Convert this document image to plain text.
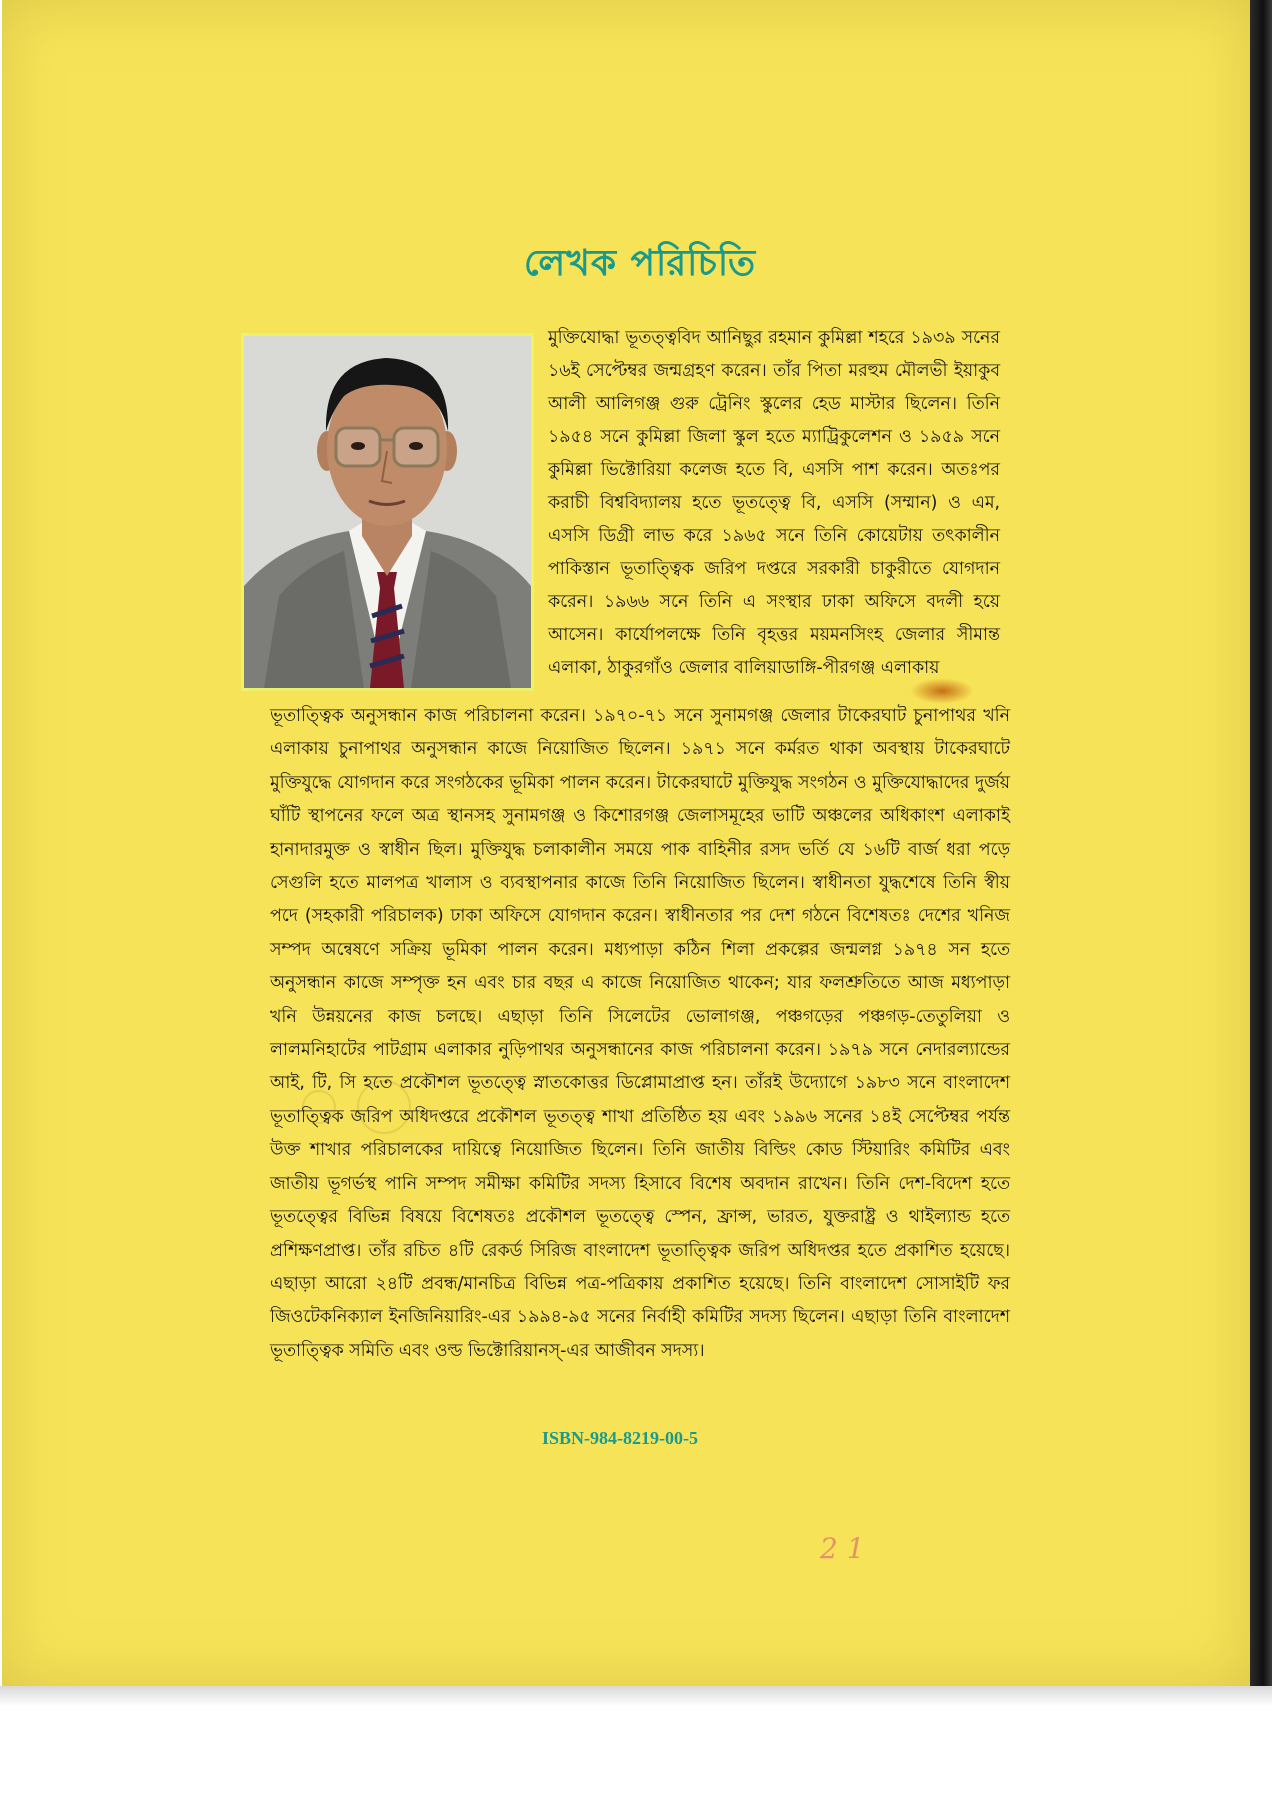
লেখক পরিচিতি
মুক্তিযোদ্ধা ভূতত্ত্ববিদ আনিছুর রহমান কুমিল্লা শহরে ১৯৩৯ সনের ১৬ই সেপ্টেম্বর জন্মগ্রহণ করেন। তাঁর পিতা মরহুম মৌলভী ইয়াকুব আলী আলিগঞ্জ গুরু ট্রেনিং স্কুলের হেড মাস্টার ছিলেন। তিনি ১৯৫৪ সনে কুমিল্লা জিলা স্কুল হতে ম্যাট্রিকুলেশন ও ১৯৫৯ সনে কুমিল্লা ভিক্টোরিয়া কলেজ হতে বি, এসসি পাশ করেন। অতঃপর করাচী বিশ্ববিদ্যালয় হতে ভূতত্ত্বে বি, এসসি (সম্মান) ও এম, এসসি ডিগ্রী লাভ করে ১৯৬৫ সনে তিনি কোয়েটায় তৎকালীন পাকিস্তান ভূতাত্ত্বিক জরিপ দপ্তরে সরকারী চাকুরীতে যোগদান করেন। ১৯৬৬ সনে তিনি এ সংস্থার ঢাকা অফিসে বদলী হয়ে আসেন। কার্যোপলক্ষে তিনি বৃহত্তর ময়মনসিংহ জেলার সীমান্ত এলাকা, ঠাকুরগাঁও জেলার বালিয়াডাঙ্গি-পীরগঞ্জ এলাকায়
ভূতাত্ত্বিক অনুসন্ধান কাজ পরিচালনা করেন। ১৯৭০-৭১ সনে সুনামগঞ্জ জেলার টাকেরঘাট চুনাপাথর খনি এলাকায় চুনাপাথর অনুসন্ধান কাজে নিয়োজিত ছিলেন। ১৯৭১ সনে কর্মরত থাকা অবস্থায় টাকেরঘাটে মুক্তিযুদ্ধে যোগদান করে সংগঠকের ভূমিকা পালন করেন। টাকেরঘাটে মুক্তিযুদ্ধ সংগঠন ও মুক্তিযোদ্ধাদের দুর্জয় ঘাঁটি স্থাপনের ফলে অত্র স্থানসহ সুনামগঞ্জ ও কিশোরগঞ্জ জেলাসমূহের ভাটি অঞ্চলের অধিকাংশ এলাকাই হানাদারমুক্ত ও স্বাধীন ছিল। মুক্তিযুদ্ধ চলাকালীন সময়ে পাক বাহিনীর রসদ ভর্তি যে ১৬টি বার্জ ধরা পড়ে সেগুলি হতে মালপত্র খালাস ও ব্যবস্থাপনার কাজে তিনি নিয়োজিত ছিলেন। স্বাধীনতা যুদ্ধশেষে তিনি স্বীয় পদে (সহকারী পরিচালক) ঢাকা অফিসে যোগদান করেন। স্বাধীনতার পর দেশ গঠনে বিশেষতঃ দেশের খনিজ সম্পদ অন্বেষণে সক্রিয় ভূমিকা পালন করেন। মধ্যপাড়া কঠিন শিলা প্রকল্পের জন্মলগ্ন ১৯৭৪ সন হতে অনুসন্ধান কাজে সম্পৃক্ত হন এবং চার বছর এ কাজে নিয়োজিত থাকেন; যার ফলশ্রুতিতে আজ মধ্যপাড়া খনি উন্নয়নের কাজ চলছে। এছাড়া তিনি সিলেটের ভোলাগঞ্জ, পঞ্চগড়ের পঞ্চগড়-তেতুলিয়া ও লালমনিহাটের পাটগ্রাম এলাকার নুড়িপাথর অনুসন্ধানের কাজ পরিচালনা করেন। ১৯৭৯ সনে নেদারল্যান্ডের আই, টি, সি হতে প্রকৌশল ভূতত্ত্বে স্নাতকোত্তর ডিপ্লোমাপ্রাপ্ত হন। তাঁরই উদ্যোগে ১৯৮৩ সনে বাংলাদেশ ভূতাত্ত্বিক জরিপ অধিদপ্তরে প্রকৌশল ভূতত্ত্ব শাখা প্রতিষ্ঠিত হয় এবং ১৯৯৬ সনের ১৪ই সেপ্টেম্বর পর্যন্ত উক্ত শাখার পরিচালকের দায়িত্বে নিয়োজিত ছিলেন। তিনি জাতীয় বিল্ডিং কোড স্টিয়ারিং কমিটির এবং জাতীয় ভূগর্ভস্থ পানি সম্পদ সমীক্ষা কমিটির সদস্য হিসাবে বিশেষ অবদান রাখেন। তিনি দেশ-বিদেশ হতে ভূতত্ত্বের বিভিন্ন বিষয়ে বিশেষতঃ প্রকৌশল ভূতত্ত্বে স্পেন, ফ্রান্স, ভারত, যুক্তরাষ্ট্র ও থাইল্যান্ড হতে প্রশিক্ষণপ্রাপ্ত। তাঁর রচিত ৪টি রেকর্ড সিরিজ বাংলাদেশ ভূতাত্ত্বিক জরিপ অধিদপ্তর হতে প্রকাশিত হয়েছে। এছাড়া আরো ২৪টি প্রবন্ধ/মানচিত্র বিভিন্ন পত্র-পত্রিকায় প্রকাশিত হয়েছে। তিনি বাংলাদেশ সোসাইটি ফর জিওটেকনিক্যাল ইনজিনিয়ারিং-এর ১৯৯৪-৯৫ সনের নির্বাহী কমিটির সদস্য ছিলেন। এছাড়া তিনি বাংলাদেশ ভূতাত্ত্বিক সমিতি এবং ওল্ড ভিক্টোরিয়ানস্-এর আজীবন সদস্য।
ISBN-984-8219-00-5
2 1
